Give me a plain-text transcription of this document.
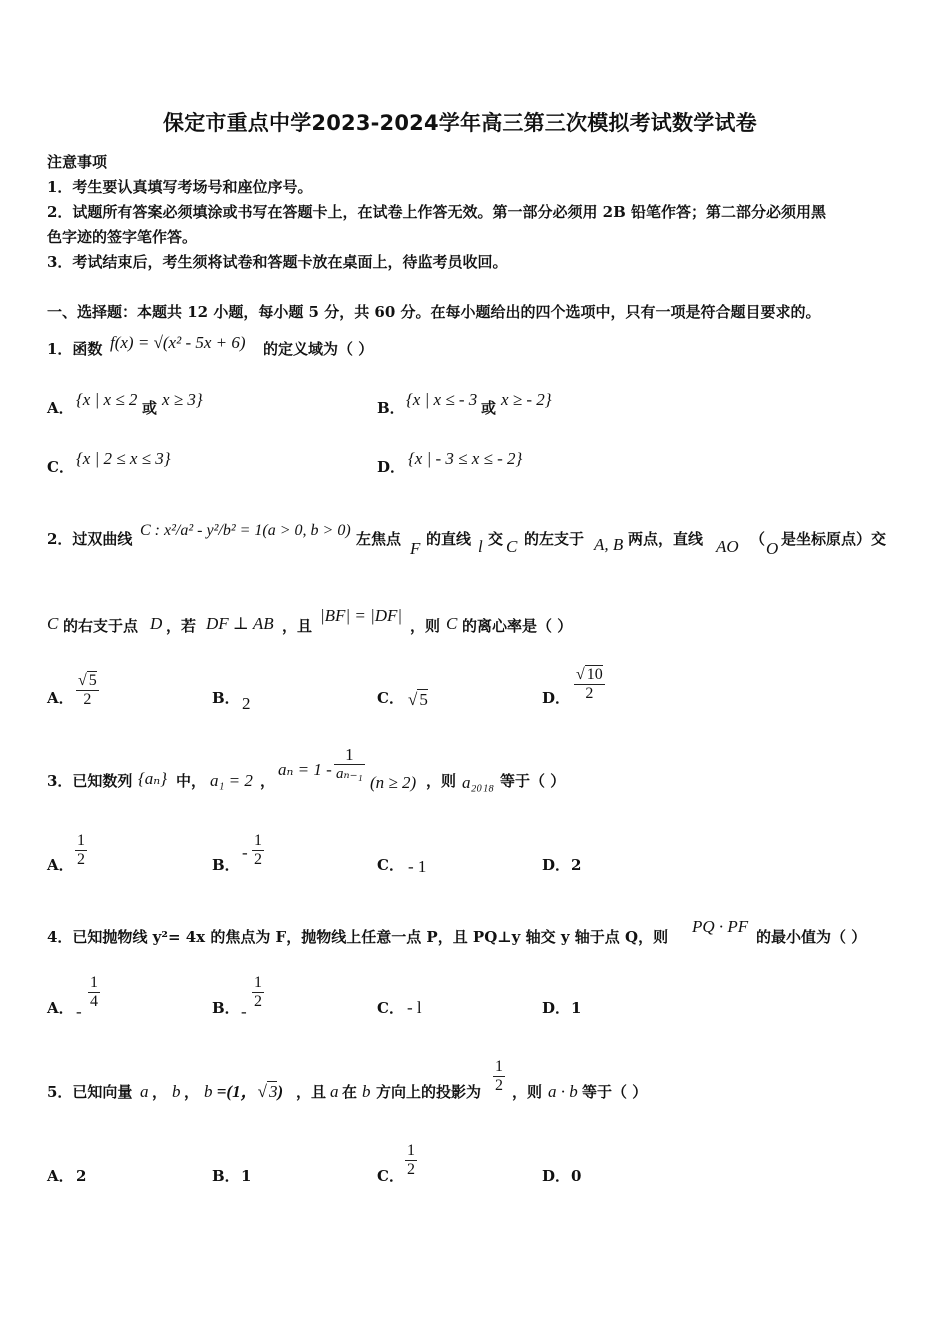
保定市重点中学2023-2024学年高三第三次模拟考试数学试卷
注意事项
1．考生要认真填写考场号和座位序号。
2．试题所有答案必须填涂或书写在答题卡上，在试卷上作答无效。第一部分必须用 2B 铅笔作答；第二部分必须用黑
色字迹的签字笔作答。
3．考试结束后，考生须将试卷和答题卡放在桌面上，待监考员收回。
一、选择题：本题共 12 小题，每小题 5 分，共 60 分。在每小题给出的四个选项中，只有一项是符合题目要求的。
1．函数 f(x) = √(x² - 5x + 6) 的定义域为（ ）
A． {x | x ≤ 2 或 x ≥ 3}	B． {x | x ≤ - 3 或 x ≥ - 2}
C． {x | 2 ≤ x ≤ 3}	D． {x | - 3 ≤ x ≤ - 2}
2．过双曲线 C : x²/a² - y²/b² = 1(a > 0, b > 0) 左焦点 F 的直线 l 交 C 的左支于 A, B 两点，直线 AO （ O 是坐标原点）交
C 的右支于点 D ，若 DF ⊥ AB ，且
|BF| = |DF|
，则 C 的离心率是（ ）
A． $\frac{√ 5}{2}$	B． 2	C． √ 5	D． $\frac{√ 10}{2}$
3．已知数列 {aₙ} 中， a₁ = 2 ，
$a_n = 1 - \frac{1}{\text{aₙ₋₁}} (n \ge 2)$ ，则 a₂₀₁₈ 等于（ ）
A． $\frac{1}{2}$	B．
- $\frac{1}{2}$	C． - 1	D． 2
4．已知抛物线 y²= 4x 的焦点为 F，抛物线上任意一点 P，且 PQ⊥y 轴交 y 轴于点 Q，则
PQ · PF
的最小值为（ ）
A． -
$\frac{1}{4}$	B． -
$\frac{1}{2}$	C． - l	D． 1
5．已知向量 a ， b ， b =(1，√ 3) ，且 a 在 b 方向上的投影为 $\frac{1}{2}$ ，则 a · b 等于（ ）
A． 2	B． 1	C． $\frac{1}{2}$	D． 0
